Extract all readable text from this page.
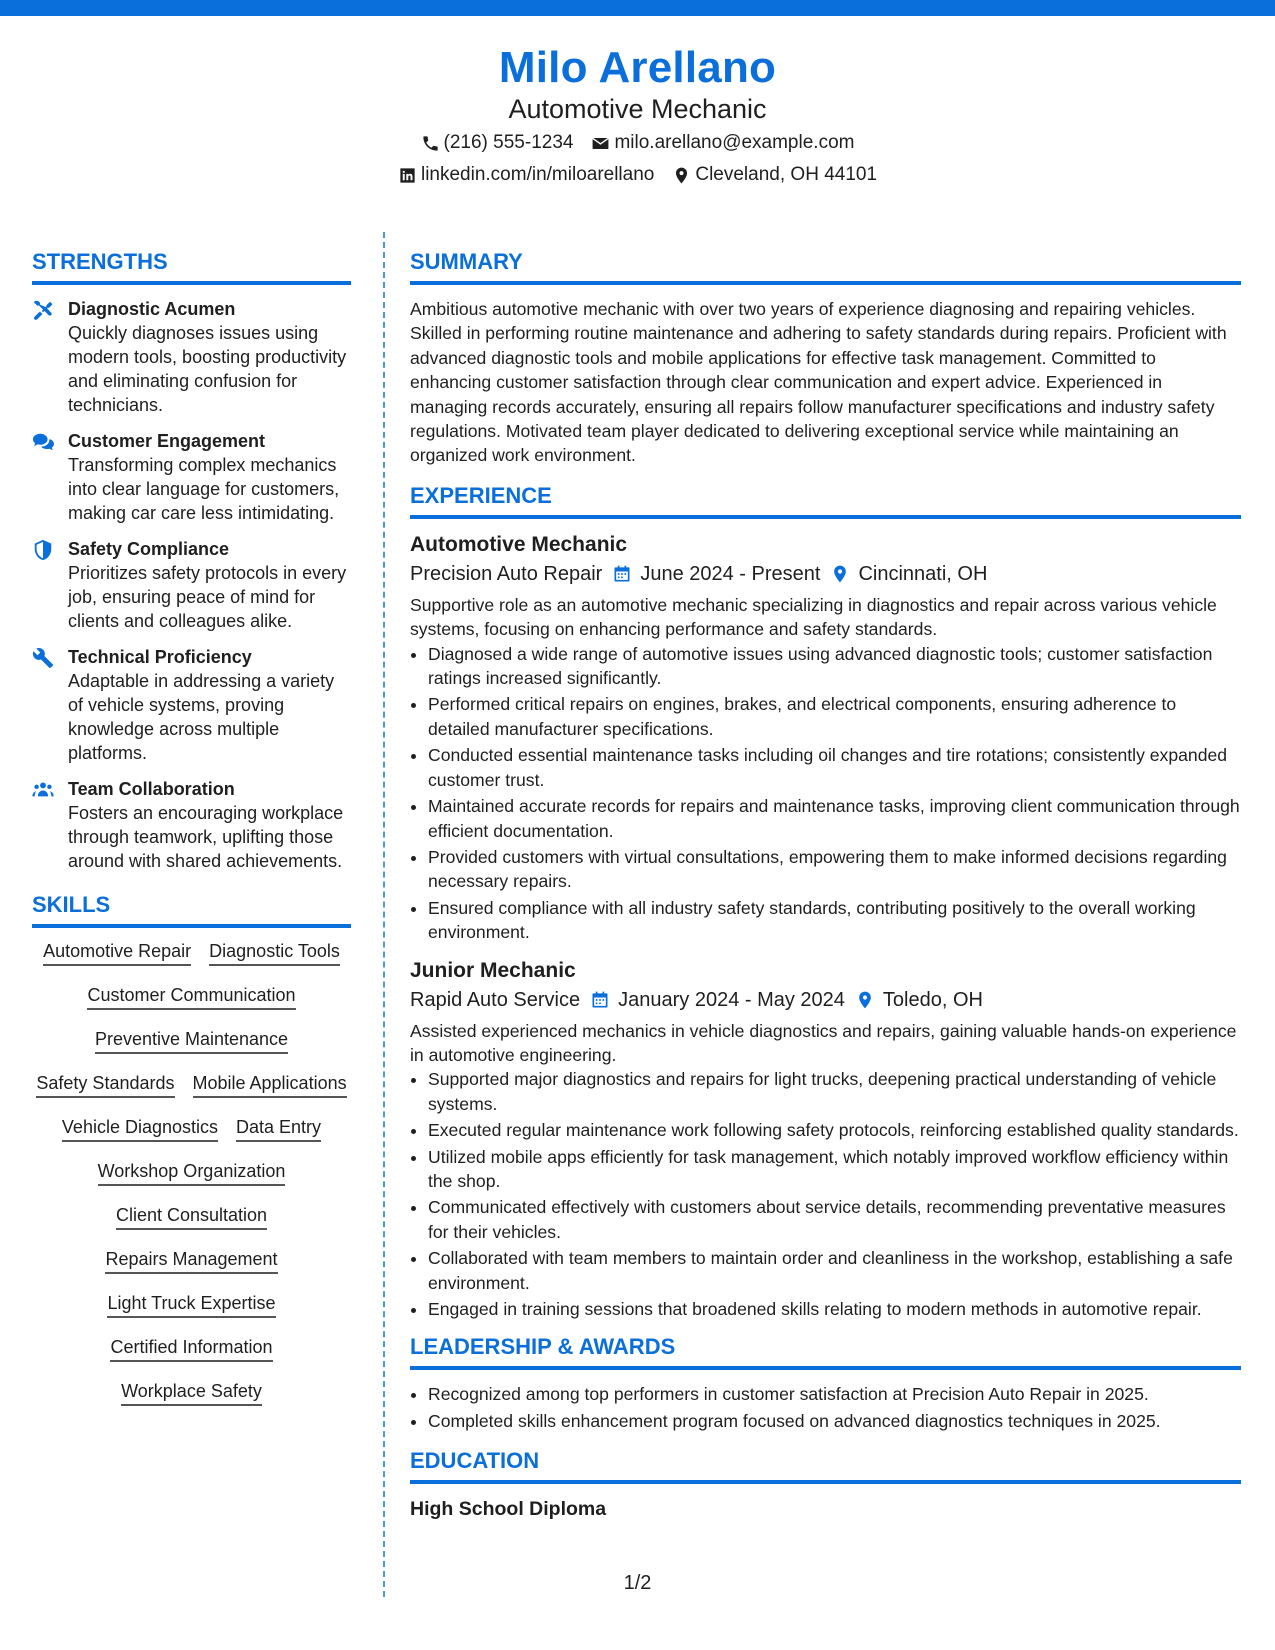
Milo Arellano
Automotive Mechanic
(216) 555-1234 milo.arellano@example.com
linkedin.com/in/miloarellano Cleveland, OH 44101
STRENGTHS
Diagnostic Acumen
Quickly diagnoses issues using modern tools, boosting productivity and eliminating confusion for technicians.
Customer Engagement
Transforming complex mechanics into clear language for customers, making car care less intimidating.
Safety Compliance
Prioritizes safety protocols in every job, ensuring peace of mind for clients and colleagues alike.
Technical Proficiency
Adaptable in addressing a variety of vehicle systems, proving knowledge across multiple platforms.
Team Collaboration
Fosters an encouraging workplace through teamwork, uplifting those around with shared achievements.
SKILLS
Automotive Repair Diagnostic Tools
Customer Communication
Preventive Maintenance
Safety Standards Mobile Applications
Vehicle Diagnostics Data Entry
Workshop Organization
Client Consultation
Repairs Management
Light Truck Expertise
Certified Information
Workplace Safety
SUMMARY
Ambitious automotive mechanic with over two years of experience diagnosing and repairing vehicles. Skilled in performing routine maintenance and adhering to safety standards during repairs. Proficient with advanced diagnostic tools and mobile applications for effective task management. Committed to enhancing customer satisfaction through clear communication and expert advice. Experienced in managing records accurately, ensuring all repairs follow manufacturer specifications and industry safety regulations. Motivated team player dedicated to delivering exceptional service while maintaining an organized work environment.
EXPERIENCE
Automotive Mechanic
Precision Auto Repair June 2024 - Present Cincinnati, OH
Supportive role as an automotive mechanic specializing in diagnostics and repair across various vehicle systems, focusing on enhancing performance and safety standards.
• Diagnosed a wide range of automotive issues using advanced diagnostic tools; customer satisfaction ratings increased significantly.
• Performed critical repairs on engines, brakes, and electrical components, ensuring adherence to detailed manufacturer specifications.
• Conducted essential maintenance tasks including oil changes and tire rotations; consistently expanded customer trust.
• Maintained accurate records for repairs and maintenance tasks, improving client communication through efficient documentation.
• Provided customers with virtual consultations, empowering them to make informed decisions regarding necessary repairs.
• Ensured compliance with all industry safety standards, contributing positively to the overall working environment.
Junior Mechanic
Rapid Auto Service January 2024 - May 2024 Toledo, OH
Assisted experienced mechanics in vehicle diagnostics and repairs, gaining valuable hands-on experience in automotive engineering.
• Supported major diagnostics and repairs for light trucks, deepening practical understanding of vehicle systems.
• Executed regular maintenance work following safety protocols, reinforcing established quality standards.
• Utilized mobile apps efficiently for task management, which notably improved workflow efficiency within the shop.
• Communicated effectively with customers about service details, recommending preventative measures for their vehicles.
• Collaborated with team members to maintain order and cleanliness in the workshop, establishing a safe environment.
• Engaged in training sessions that broadened skills relating to modern methods in automotive repair.
LEADERSHIP & AWARDS
• Recognized among top performers in customer satisfaction at Precision Auto Repair in 2025.
• Completed skills enhancement program focused on advanced diagnostics techniques in 2025.
EDUCATION
High School Diploma
1/2
